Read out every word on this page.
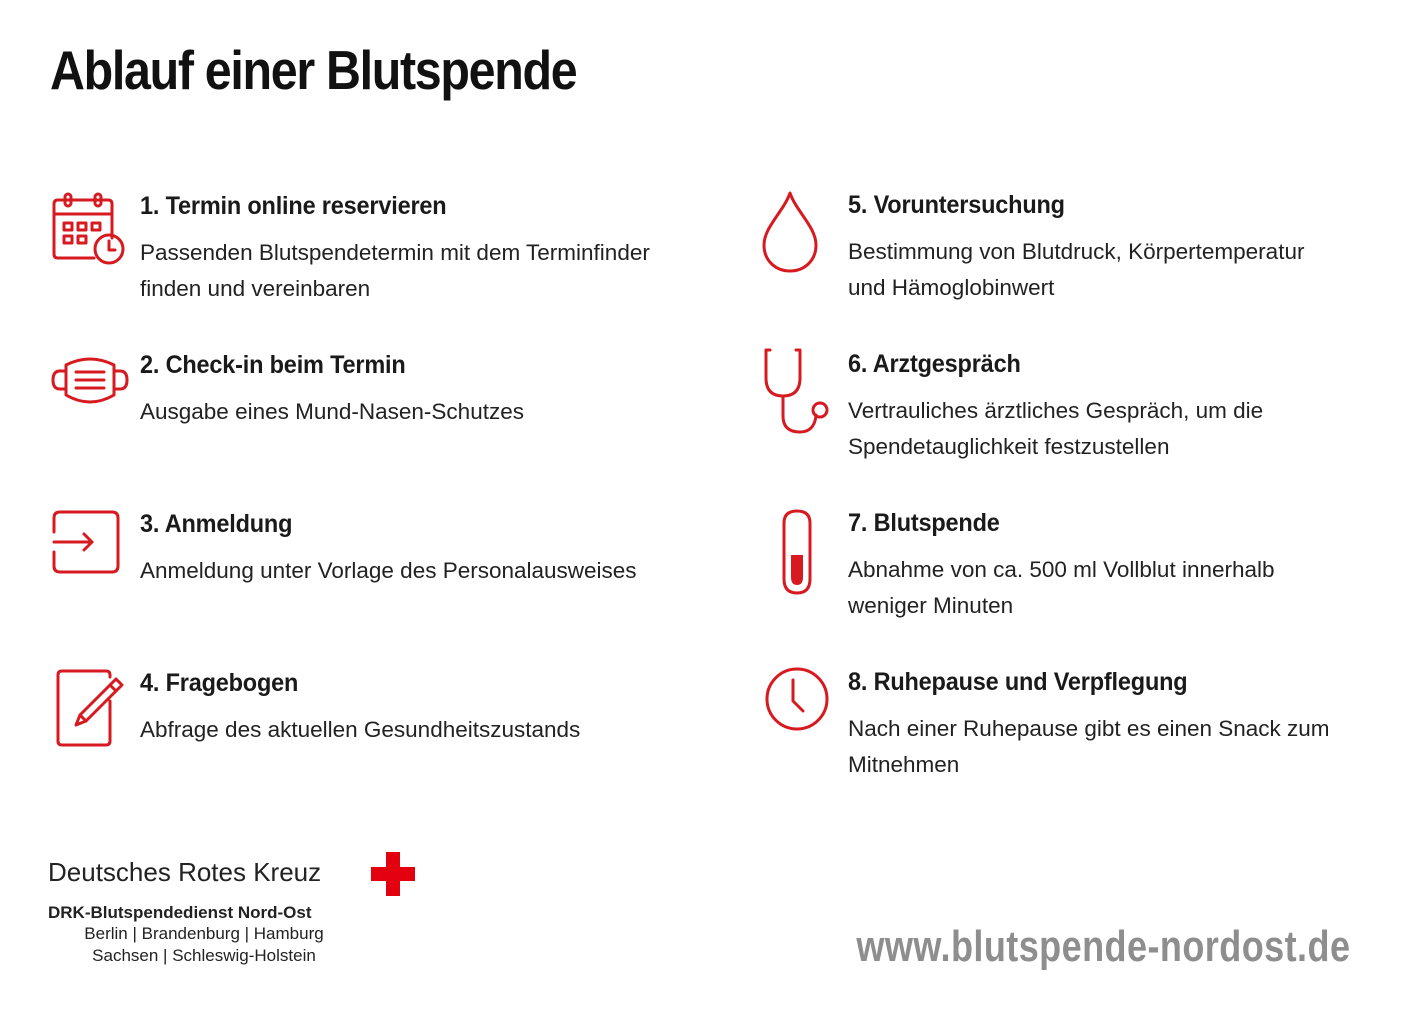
Ablauf einer Blutspende
1. Termin online reservieren

Passenden Blutspendetermin mit dem Terminfinder finden und vereinbaren

2. Check-in beim Termin

Ausgabe eines Mund-Nasen-Schutzes

3. Anmeldung

Anmeldung unter Vorlage des Personalausweises

4. Fragebogen

Abfrage des aktuellen Gesundheitszustands

5. Voruntersuchung

Bestimmung von Blutdruck, Körpertemperatur und Hämoglobinwert

6. Arztgespräch

Vertrauliches ärztliches Gespräch, um die Spendetauglichkeit festzustellen

7. Blutspende

Abnahme von ca. 500 ml Vollblut innerhalb weniger Minuten

8. Ruhepause und Verpflegung

Nach einer Ruhepause gibt es einen Snack zum Mitnehmen

Deutsches Rotes Kreuz

DRK-Blutspendedienst Nord-Ost

Berlin | Brandenburg | Hamburg

Sachsen | Schleswig-Holstein	www.blutspende-nordost.de
